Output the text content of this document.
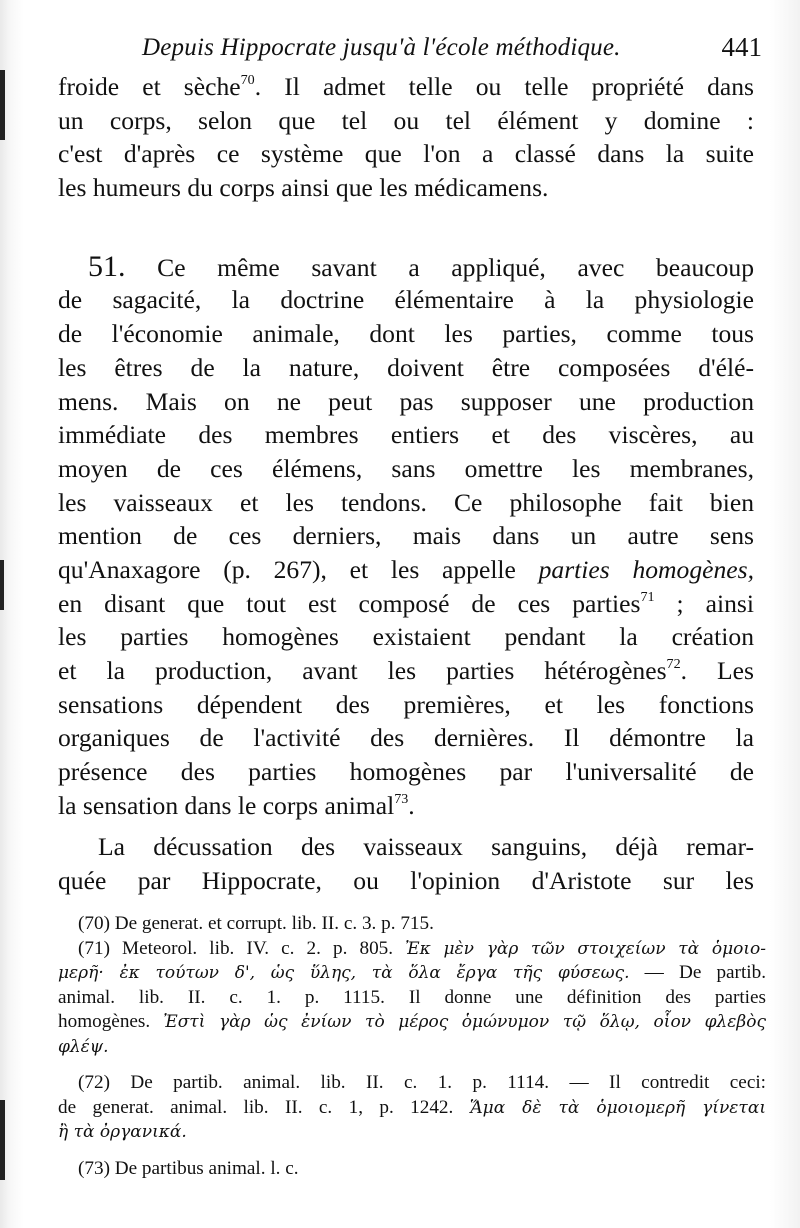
Depuis Hippocrate jusqu'à l'école méthodique.	441
froide et sèche$^{70}$. Il admet telle ou telle propriété dans
un corps, selon que tel ou tel élément y domine :
c'est d'après ce système que l'on a classé dans la suite
les humeurs du corps ainsi que les médicamens.
51. Ce même savant a appliqué, avec beaucoup
de sagacité, la doctrine élémentaire à la physiologie
de l'économie animale, dont les parties, comme tous
les êtres de la nature, doivent être composées d'élé-
mens. Mais on ne peut pas supposer une production
immédiate des membres entiers et des viscères, au
moyen de ces élémens, sans omettre les membranes,
les vaisseaux et les tendons. Ce philosophe fait bien
mention de ces derniers, mais dans un autre sens
qu'Anaxagore (p. 267), et les appelle parties homogènes,
en disant que tout est composé de ces parties$^{71}$ ; ainsi
les parties homogènes existaient pendant la création
et la production, avant les parties hétérogènes$^{72}$. Les
sensations dépendent des premières, et les fonctions
organiques de l'activité des dernières. Il démontre la
présence des parties homogènes par l'universalité de
la sensation dans le corps animal$^{73}$.
La décussation des vaisseaux sanguins, déjà remar-
quée par Hippocrate, ou l'opinion d'Aristote sur les
(70) De generat. et corrupt. lib. II. c. 3. p. 715.
(71) Meteorol. lib. IV. c. 2. p. 805. Ἐκ μὲν γὰρ τῶν στοιχείων τὰ ὁμοιο-
μερῆ· ἐκ τούτων δ', ὡς ὕλης, τὰ ὅλα ἔργα τῆς φύσεως. — De partib.
animal. lib. II. c. 1. p. 1115. Il donne une définition des parties
homogènes. Ἐστὶ γὰρ ὡς ἐνίων τὸ μέρος ὁμώνυμον τῷ ὅλῳ, οἷον φλεβὸς
φλέψ.
(72) De partib. animal. lib. II. c. 1. p. 1114. — Il contredit ceci:
de generat. animal. lib. II. c. 1, p. 1242. Ἅμα δὲ τὰ ὁμοιομερῆ γίνεται
ἢ τὰ ὀργανικά.
(73) De partibus animal. l. c.
